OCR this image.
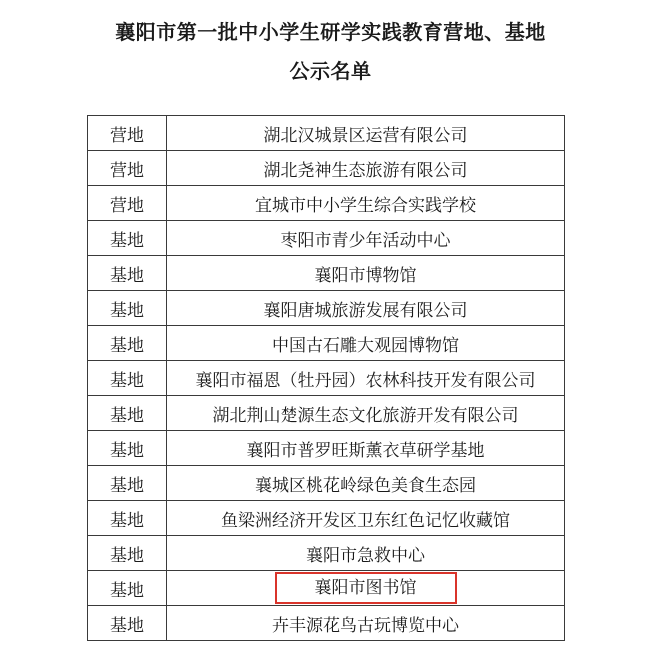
襄阳市第一批中小学生研学实践教育营地、基地
公示名单
营地	湖北汉城景区运营有限公司
营地	湖北尧神生态旅游有限公司
营地	宜城市中小学生综合实践学校
基地	枣阳市青少年活动中心
基地	襄阳市博物馆
基地	襄阳唐城旅游发展有限公司
基地	中国古石雕大观园博物馆
基地	襄阳市福恩（牡丹园）农林科技开发有限公司
基地	湖北荆山楚源生态文化旅游开发有限公司
基地	襄阳市普罗旺斯薰衣草研学基地
基地	襄城区桃花岭绿色美食生态园
基地	鱼梁洲经济开发区卫东红色记忆收藏馆
基地	襄阳市急救中心
基地	襄阳市图书馆
基地	卉丰源花鸟古玩博览中心
